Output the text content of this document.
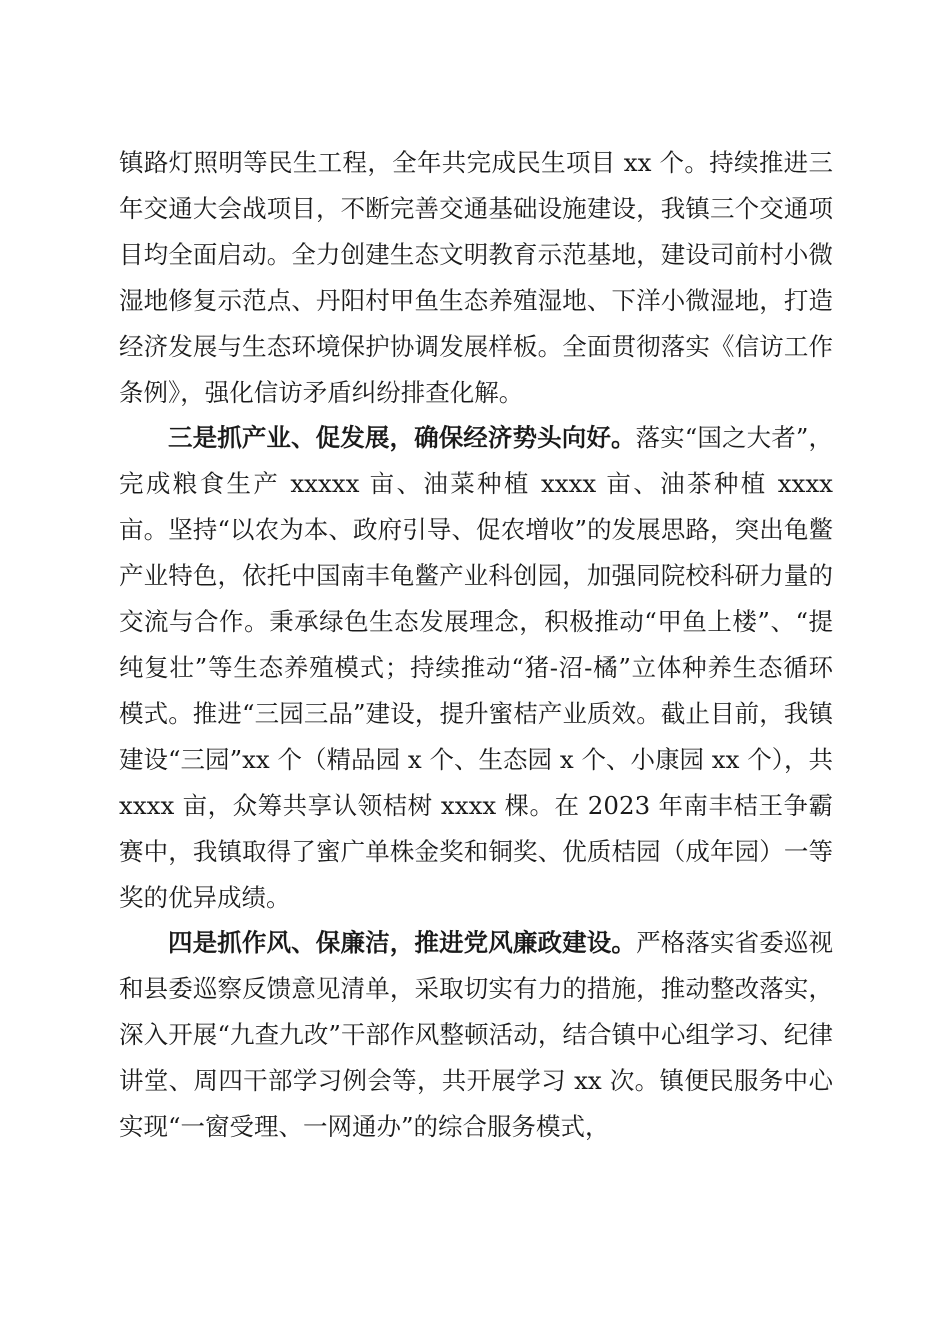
镇路灯照明等民生工程，全年共完成民生项目 xx 个。持续推进三年交通大会战项目，不断完善交通基础设施建设，我镇三个交通项目均全面启动。全力创建生态文明教育示范基地，建设司前村小微湿地修复示范点、丹阳村甲鱼生态养殖湿地、下洋小微湿地，打造经济发展与生态环境保护协调发展样板。全面贯彻落实《信访工作条例》，强化信访矛盾纠纷排查化解。

三是抓产业、促发展，确保经济势头向好。落实“国之大者”，完成粮食生产 xxxxx 亩、油菜种植 xxxx 亩、油茶种植 xxxx 亩。坚持“以农为本、政府引导、促农增收”的发展思路，突出龟鳖产业特色，依托中国南丰龟鳖产业科创园，加强同院校科研力量的交流与合作。秉承绿色生态发展理念，积极推动“甲鱼上楼”、“提纯复壮”等生态养殖模式；持续推动“猪-沼-橘”立体种养生态循环模式。推进“三园三品”建设，提升蜜桔产业质效。截止目前，我镇建设“三园”xx 个（精品园 x 个、生态园 x 个、小康园 xx 个），共 xxxx 亩，众筹共享认领桔树 xxxx 棵。在 2023 年南丰桔王争霸赛中，我镇取得了蜜广单株金奖和铜奖、优质桔园（成年园）一等奖的优异成绩。

四是抓作风、保廉洁，推进党风廉政建设。严格落实省委巡视和县委巡察反馈意见清单，采取切实有力的措施，推动整改落实，深入开展“九查九改”干部作风整顿活动，结合镇中心组学习、纪律讲堂、周四干部学习例会等，共开展学习 xx 次。镇便民服务中心实现“一窗受理、一网通办”的综合服务模式，
